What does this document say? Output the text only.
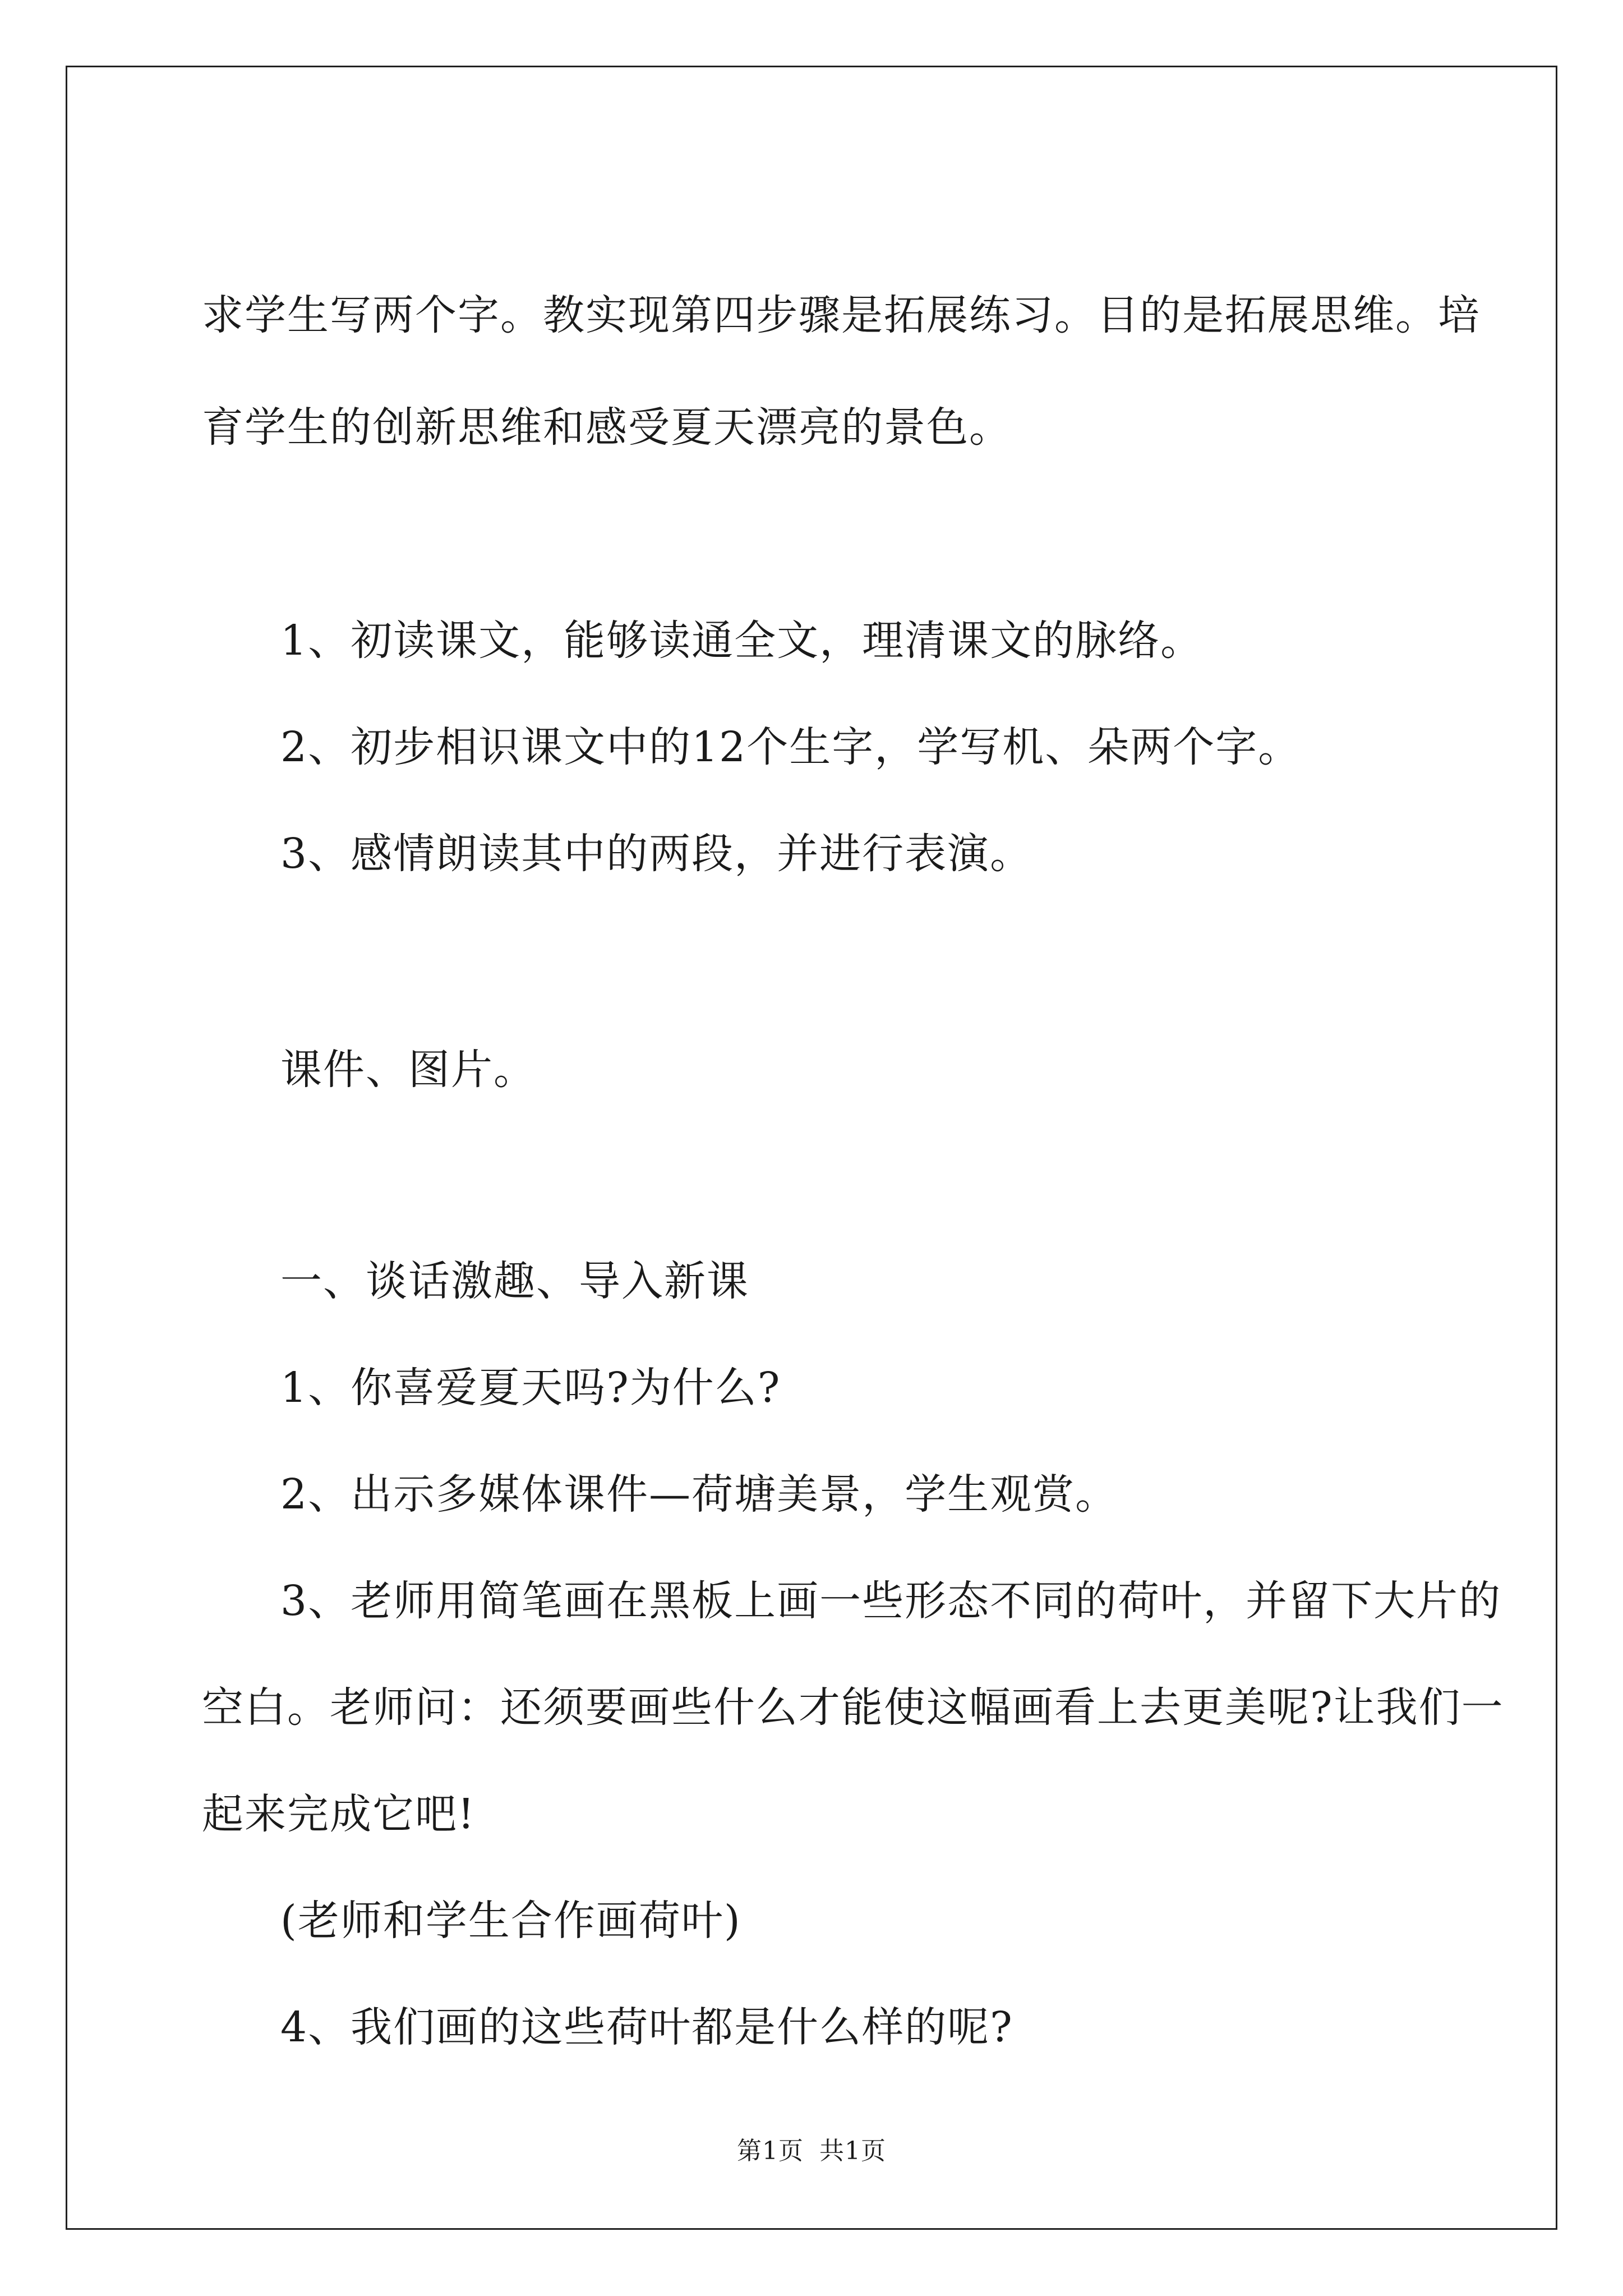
求学生写两个字。教实现第四步骤是拓展练习。目的是拓展思维。培
育学生的创新思维和感受夏天漂亮的景色。
1、初读课文，能够读通全文，理清课文的脉络。
2、初步相识课文中的12个生字，学写机、朵两个字。
3、感情朗读其中的两段，并进行表演。
课件、图片。
一、谈话激趣、导入新课
1、你喜爱夏天吗?为什么?
2、出示多媒体课件—荷塘美景，学生观赏。
3、老师用简笔画在黑板上画一些形态不同的荷叶，并留下大片的
空白。老师问：还须要画些什么才能使这幅画看上去更美呢?让我们一
起来完成它吧!
(老师和学生合作画荷叶)
4、我们画的这些荷叶都是什么样的呢?
第1页 共1页
